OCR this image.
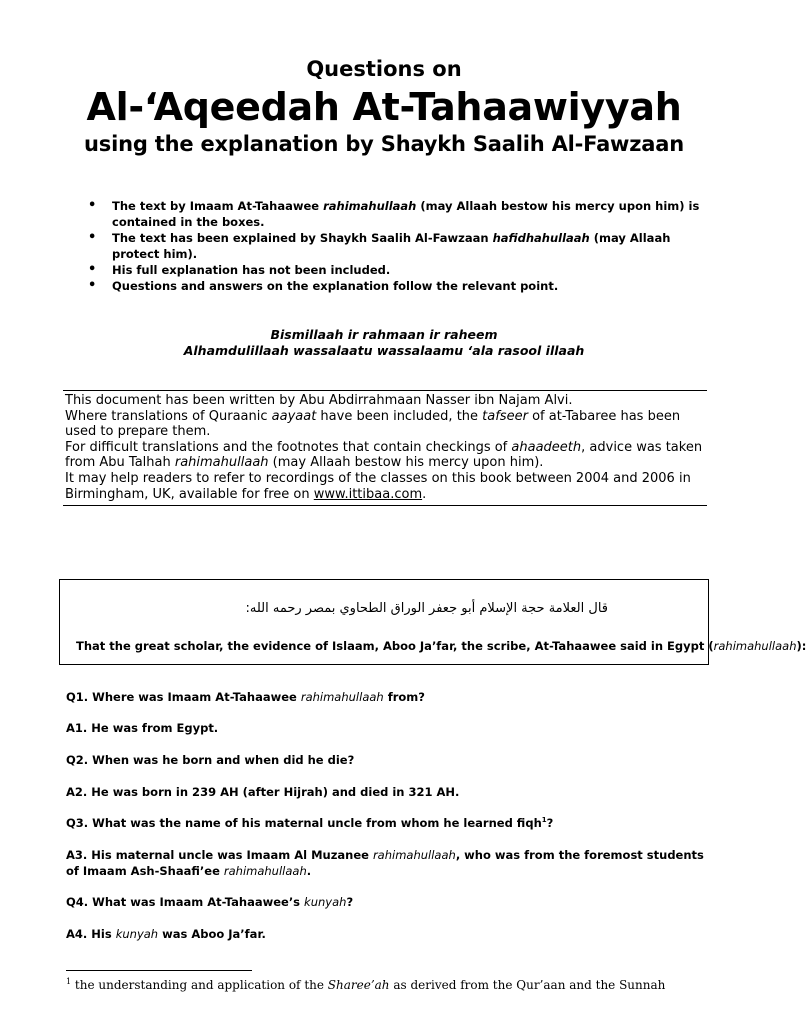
Questions on
Al-‘Aqeedah At-Tahaawiyyah
using the explanation by Shaykh Saalih Al-Fawzaan
• The text by Imaam At-Tahaawee rahimahullaah (may Allaah bestow his mercy upon him) is contained in the boxes.
• The text has been explained by Shaykh Saalih Al-Fawzaan hafidhahullaah (may Allaah protect him).
• His full explanation has not been included.
• Questions and answers on the explanation follow the relevant point.
Bismillaah ir rahmaan ir raheem
Alhamdulillaah wassalaatu wassalaamu ‘ala rasool illaah

This document has been written by Abu Abdirrahmaan Nasser ibn Najam Alvi.

Where translations of Quraanic aayaat have been included, the tafseer of at-Tabaree has been used to prepare them.

For difficult translations and the footnotes that contain checkings of ahaadeeth, advice was taken from Abu Talhah rahimahullaah (may Allaah bestow his mercy upon him).

It may help readers to refer to recordings of the classes on this book between 2004 and 2006 in Birmingham, UK, available for free on www.ittibaa.com.

قال العلامة حجة الإسلام أبو جعفر الوراق الطحاوي بمصر رحمه الله:
That the great scholar, the evidence of Islaam, Aboo Ja’far, the scribe, At-Tahaawee said in Egypt (rahimahullaah):

Q1. Where was Imaam At-Tahaawee rahimahullaah from?

A1. He was from Egypt.

Q2. When was he born and when did he die?

A2. He was born in 239 AH (after Hijrah) and died in 321 AH.

Q3. What was the name of his maternal uncle from whom he learned fiqh$^1$?

A3. His maternal uncle was Imaam Al Muzanee rahimahullaah, who was from the foremost students of Imaam Ash-Shaafi’ee rahimahullaah.

Q4. What was Imaam At-Tahaawee’s kunyah?

A4. His kunyah was Aboo Ja’far.

$^1$ the understanding and application of the Sharee’ah as derived from the Qur’aan and the Sunnah
